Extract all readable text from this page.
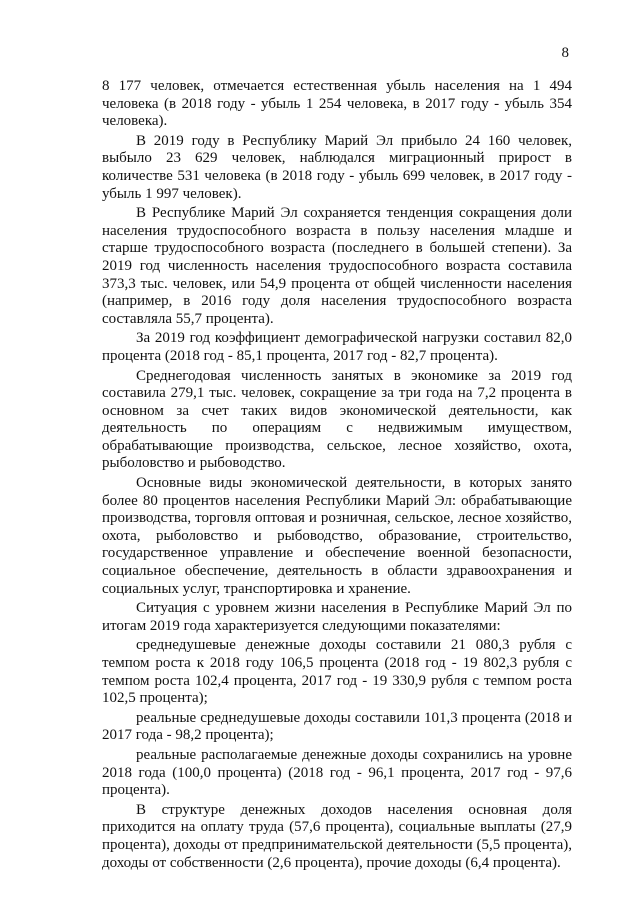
8

8 177 человек, отмечается естественная убыль населения на 1 494 человека (в 2018 году - убыль 1 254 человека, в 2017 году - убыль 354 человека).

В 2019 году в Республику Марий Эл прибыло 24 160 человек, выбыло 23 629 человек, наблюдался миграционный прирост в количестве 531 человека (в 2018 году - убыль 699 человек, в 2017 году - убыль 1 997 человек).

В Республике Марий Эл сохраняется тенденция сокращения доли населения трудоспособного возраста в пользу населения младше и старше трудоспособного возраста (последнего в большей степени). За 2019 год численность населения трудоспособного возраста составила 373,3 тыс. человек, или 54,9 процента от общей численности населения (например, в 2016 году доля населения трудоспособного возраста составляла 55,7 процента).

За 2019 год коэффициент демографической нагрузки составил 82,0 процента (2018 год - 85,1 процента, 2017 год - 82,7 процента).

Среднегодовая численность занятых в экономике за 2019 год составила 279,1 тыс. человек, сокращение за три года на 7,2 процента в основном за счет таких видов экономической деятельности, как деятельность по операциям с недвижимым имуществом, обрабатывающие производства, сельское, лесное хозяйство, охота, рыболовство и рыбоводство.

Основные виды экономической деятельности, в которых занято более 80 процентов населения Республики Марий Эл: обрабатывающие производства, торговля оптовая и розничная, сельское, лесное хозяйство, охота, рыболовство и рыбоводство, образование, строительство, государственное управление и обеспечение военной безопасности, социальное обеспечение, деятельность в области здравоохранения и социальных услуг, транспортировка и хранение.

Ситуация с уровнем жизни населения в Республике Марий Эл по итогам 2019 года характеризуется следующими показателями:

среднедушевые денежные доходы составили 21 080,3 рубля с темпом роста к 2018 году 106,5 процента (2018 год - 19 802,3 рубля с темпом роста 102,4 процента, 2017 год - 19 330,9 рубля с темпом роста 102,5 процента);

реальные среднедушевые доходы составили 101,3 процента (2018 и 2017 года - 98,2 процента);

реальные располагаемые денежные доходы сохранились на уровне 2018 года (100,0 процента) (2018 год - 96,1 процента, 2017 год - 97,6 процента).

В структуре денежных доходов населения основная доля приходится на оплату труда (57,6 процента), социальные выплаты (27,9 процента), доходы от предпринимательской деятельности (5,5 процента), доходы от собственности (2,6 процента), прочие доходы (6,4 процента).
